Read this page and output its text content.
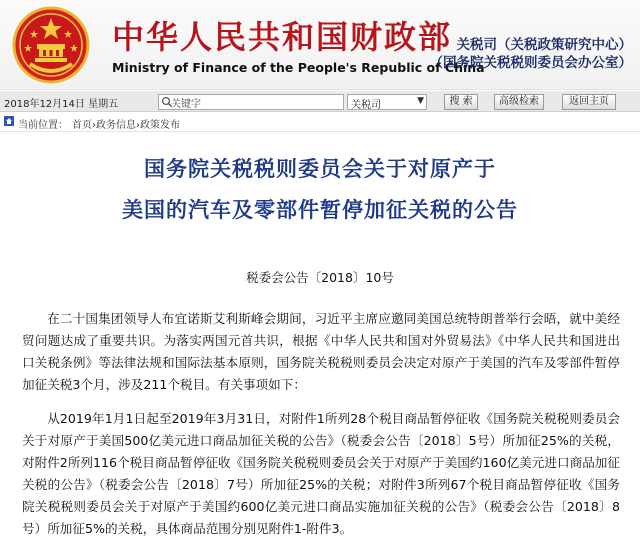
中华人民共和国财政部
Ministry of Finance of the People's Republic of China
关税司（关税政策研究中心）
（国务院关税税则委员会办公室）
2018年12月14日 星期五
关键字	关税司	▼	搜 索	高级检索	返回主页
当前位置： 首页›政务信息›政策发布
国务院关税税则委员会关于对原产于
美国的汽车及零部件暂停加征关税的公告
税委会公告〔2018〕10号

在二十国集团领导人布宜诺斯艾利斯峰会期间，习近平主席应邀同美国总统特朗普举行会晤，就中美经贸问题达成了重要共识。为落实两国元首共识，根据《中华人民共和国对外贸易法》《中华人民共和国进出口关税条例》等法律法规和国际法基本原则，国务院关税税则委员会决定对原产于美国的汽车及零部件暂停加征关税3个月，涉及211个税目。有关事项如下：

从2019年1月1日起至2019年3月31日，对附件1所列28个税目商品暂停征收《国务院关税税则委员会关于对原产于美国500亿美元进口商品加征关税的公告》（税委会公告〔2018〕5号）所加征25%的关税，对附件2所列116个税目商品暂停征收《国务院关税税则委员会关于对原产于美国约160亿美元进口商品加征关税的公告》（税委会公告〔2018〕7号）所加征25%的关税；对附件3所列67个税目商品暂停征收《国务院关税税则委员会关于对原产于美国约600亿美元进口商品实施加征关税的公告》（税委会公告〔2018〕8号）所加征5%的关税，具体商品范围分别见附件1-附件3。
